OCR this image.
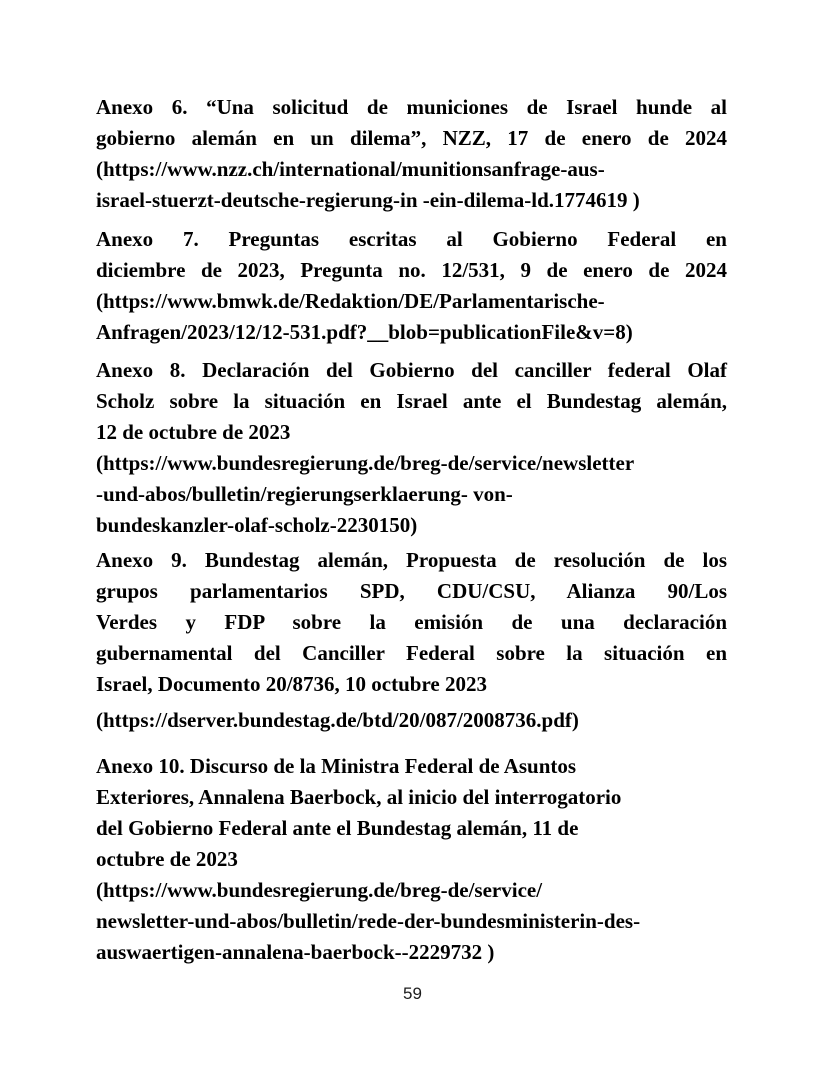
Anexo 6. “Una solicitud de municiones de Israel hunde al
gobierno alemán en un dilema”, NZZ, 17 de enero de 2024
(https://www.nzz.ch/international/munitionsanfrage-aus-
israel-stuerzt-deutsche-regierung-in -ein-dilema-ld.1774619 )
Anexo 7. Preguntas escritas al Gobierno Federal en
diciembre de 2023, Pregunta no. 12/531, 9 de enero de 2024
(https://www.bmwk.de/Redaktion/DE/Parlamentarische-
Anfragen/2023/12/12-531.pdf?__blob=publicationFile&v=8)
Anexo 8. Declaración del Gobierno del canciller federal Olaf
Scholz sobre la situación en Israel ante el Bundestag alemán,
12 de octubre de 2023
(https://www.bundesregierung.de/breg-de/service/newsletter
-und-abos/bulletin/regierungserklaerung- von-
bundeskanzler-olaf-scholz-2230150)
Anexo 9. Bundestag alemán, Propuesta de resolución de los
grupos parlamentarios SPD, CDU/CSU, Alianza 90/Los
Verdes y FDP sobre la emisión de una declaración
gubernamental del Canciller Federal sobre la situación en
Israel, Documento 20/8736, 10 octubre 2023
(https://dserver.bundestag.de/btd/20/087/2008736.pdf)
Anexo 10. Discurso de la Ministra Federal de Asuntos
Exteriores, Annalena Baerbock, al inicio del interrogatorio
del Gobierno Federal ante el Bundestag alemán, 11 de
octubre de 2023
(https://www.bundesregierung.de/breg-de/service/
newsletter-und-abos/bulletin/rede-der-bundesministerin-des-
auswaertigen-annalena-baerbock--2229732 )
59
